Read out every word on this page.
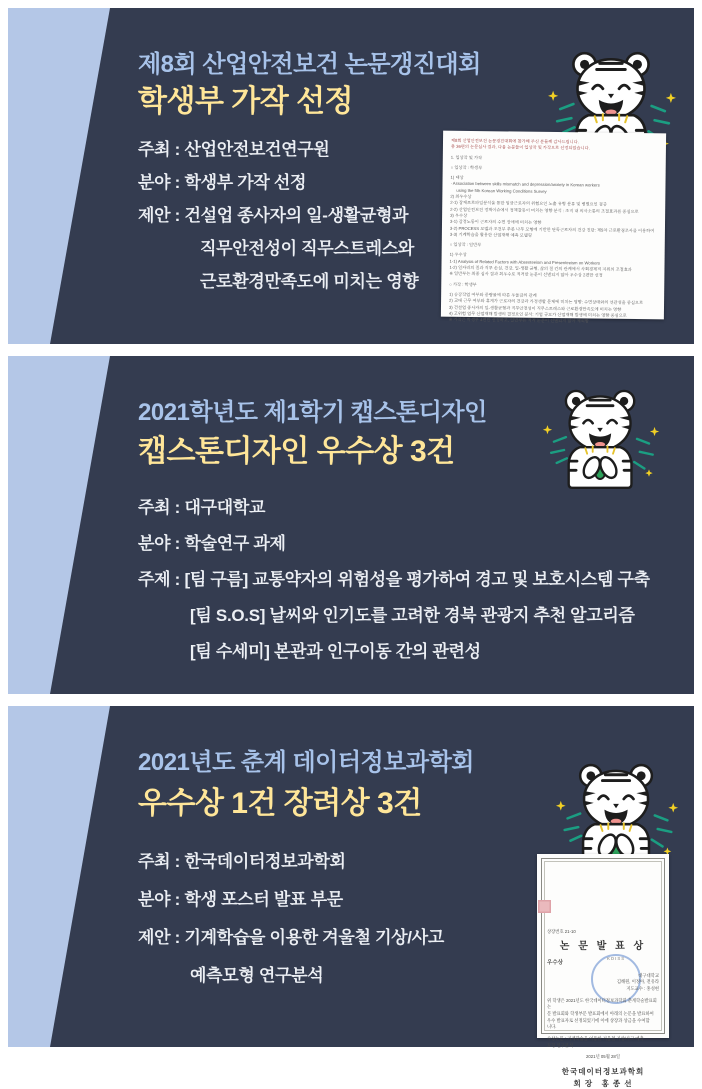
제8회 산업안전보건 논문경진대회에 참가해 주신 분들께 감사드립니다.
총 36편의 논문심사 결과, 다음 논문들이 입상작 및 가작으로 선정되었습니다.
1. 입상작 및 가작
○ 입상작 : 학생부
1) 대상
· Association between skills mismatch and depression/anxiety in Korean workers
using the 5th Korean Working Conditions Survey
2) 최우수상
2-1) 잠재프로파일분석을 통한 임금근로자의 위험요인 노출 유형 분류 및 병별요인 검증
2-2) 산업안전보건 정책이슈에서 정책갈등이 미치는 영향 분석 : 조직 내 의사소통의 조절효과를 중심으로
3) 우수상
3-1) 감정노동이 근로자의 수면 장애에 미치는 영향
3-2) PROCESS 모델과 조건부 추론 나무 모형에 기반한 단독근로자의 건강 진단: 제5차 근로환경조사를 이용하여
3-3) 기계학습을 활용한 산업재해 예측 모델링
○ 입상작 : 일반부
1) 우수상
1-1) Analysis of Related Factors with Absenteeism and Presenteeism on Workers
1-2) 일자리의 질과 직무 손실, 건강, 일-생활 균형, 삶의 질 간의 관계에서 사회경제적 지위의 조절효과
※ 일반부는 최종 심사 결과 최우수로 적격한 논문이 선별되지 않아 우수상 2편만 선정
○ 가작 : 학생부
1) 승강작업 여부와 중량물에 따른 우울감의 관계
2) 교대 근무 여부와 휴게가 근로자의 건강과 가정생활 문제에 미치는 영향: 수면상태와의 연관성을 중심으로
3) 건설업 종사자의 일-생활균형과 직무안전성이 직무스트레스와 근로환경만족도에 미치는 영향
4) 고위험 업무 산업재해 발생의 결정요인 분석: 기업 규모가 산업재해 발생에 미치는 영향 중심으로
※ 가작은 학생부 4편만 선정하고, 일반부는 적격 논문이 선별되지 않아 제외함
제8회 산업안전보건 논문갱진대회
학생부 가작 선정
주최 : 산업안전보건연구원
분야 : 학생부 가작 선정
제안 : 건설업 종사자의 일-생활균형과
직무안전성이 직무스트레스와
근로환경만족도에 미치는 영향
2021학년도 제1학기 캡스톤디자인
캡스톤디자인 우수상 3건
주최 : 대구대학교
분야 : 학술연구 과제
주제 : [팀 구름] 교통약자의 위험성을 평가하여 경고 및 보호시스템 구축
[팀 S.O.S] 날씨와 인기도를 고려한 경북 관광지 추천 알고리즘
[팀 수세미] 본관과 인구이동 간의 관련성
KDISS
상장번호 21-10
논 문 발 표 상
우수상
대구대학교
김해원, 이정아, 전유라
지도교수 : 홍성현
위 학생은 2021년도 한국데이터정보과학회 춘계학술발표회 논
문 발표회와 학생부문 발표회에서 아래의 논문을 발표하여
우수 발표자로 선정되었기에 이에 상장과 상금을 수여합
니다.
수상논문 : 기계학습을 이용한 겨울철 기상/사고 예측
모형 연구분석
2021년 05월 28일
한국데이터정보과학회
회 장　홍 종 선
2021년도 춘계 데이터정보과학회
우수상 1건 장려상 3건
주최 : 한국데이터정보과학회
분야 : 학생 포스터 발표 부문
제안 : 기계학습을 이용한 겨울철 기상/사고
예측모형 연구분석
